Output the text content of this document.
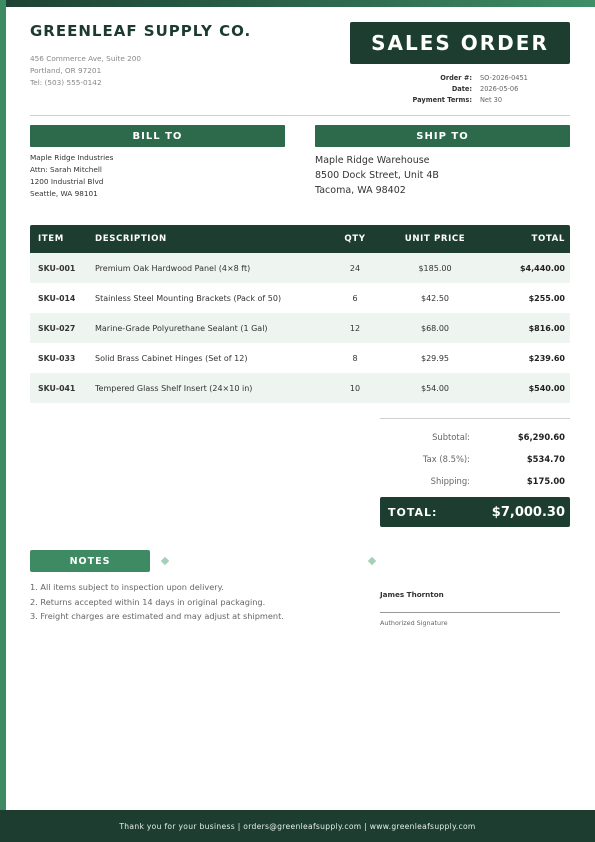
GREENLEAF SUPPLY CO.
456 Commerce Ave, Suite 200
Portland, OR 97201
Tel: (503) 555-0142
SALES ORDER
Order #:	SO-2026-0451
Date:	2026-05-06
Payment Terms:	Net 30
BILL TO	SHIP TO
Maple Ridge Industries
Attn: Sarah Mitchell
1200 Industrial Blvd
Seattle, WA 98101
Maple Ridge Warehouse
8500 Dock Street, Unit 4B
Tacoma, WA 98402
ITEM	DESCRIPTION	QTY	UNIT PRICE	TOTAL
SKU-001	Premium Oak Hardwood Panel (4×8 ft)	24	$185.00	$4,440.00
SKU-014	Stainless Steel Mounting Brackets (Pack of 50)	6	$42.50	$255.00
SKU-027	Marine-Grade Polyurethane Sealant (1 Gal)	12	$68.00	$816.00
SKU-033	Solid Brass Cabinet Hinges (Set of 12)	8	$29.95	$239.60
SKU-041	Tempered Glass Shelf Insert (24×10 in)	10	$54.00	$540.00
Subtotal:	$6,290.60
Tax (8.5%):	$534.70
Shipping:	$175.00
TOTAL:	$7,000.30
NOTES
1. All items subject to inspection upon delivery.
2. Returns accepted within 14 days in original packaging.
3. Freight charges are estimated and may adjust at shipment.
James Thornton
Authorized Signature
Thank you for your business | orders@greenleafsupply.com | www.greenleafsupply.com
